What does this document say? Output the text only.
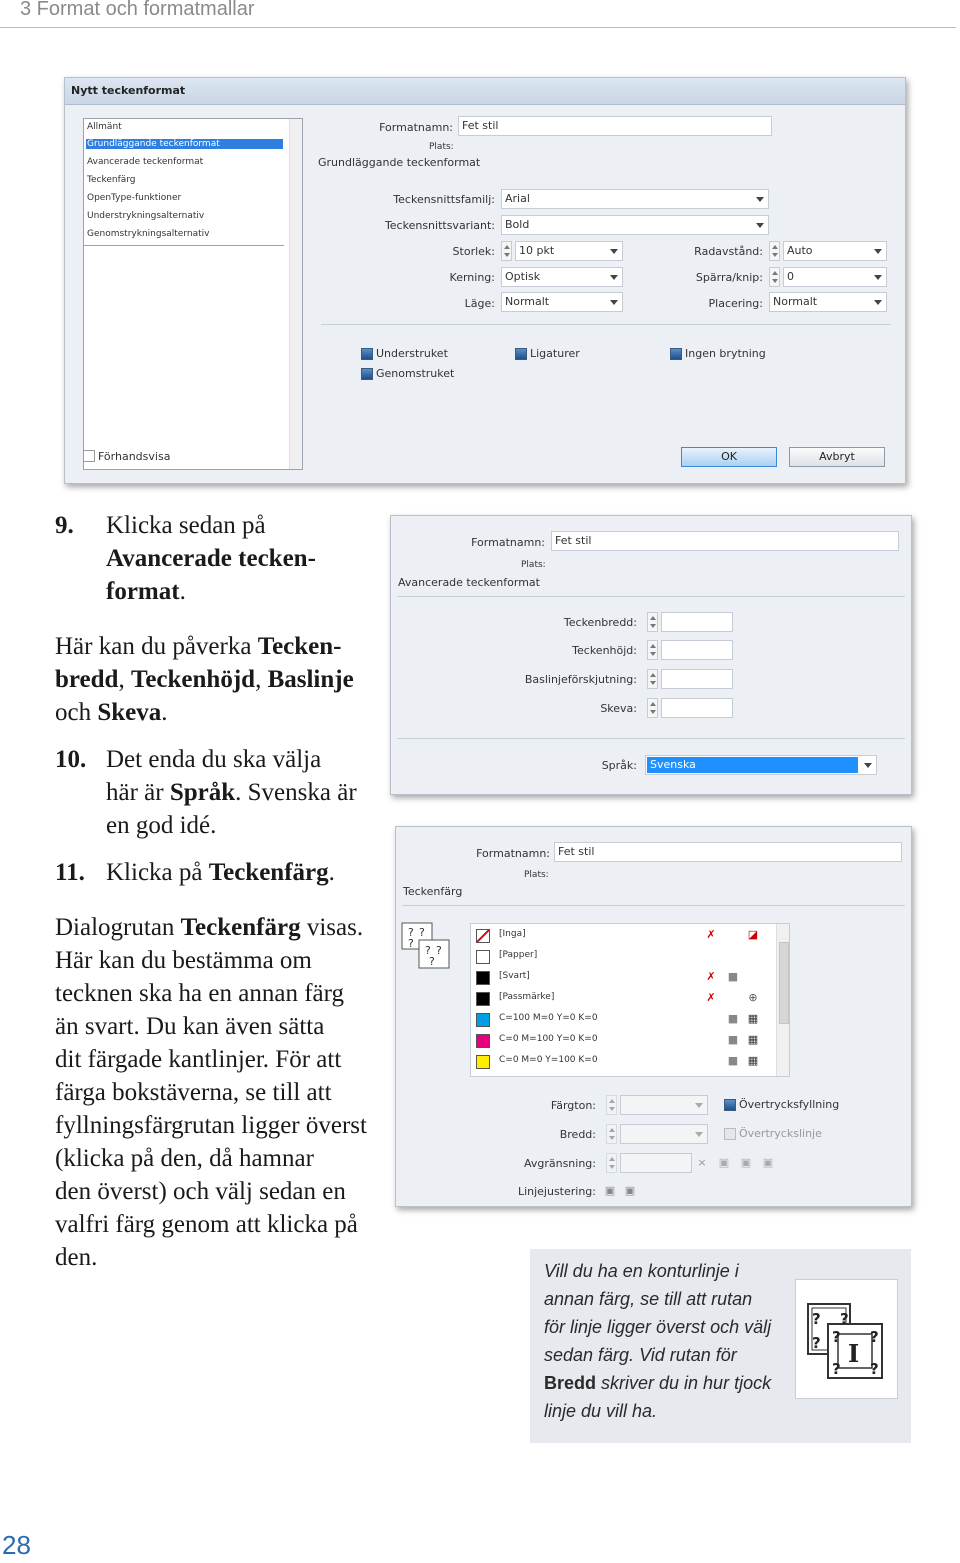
3 Format och formatmallar
Nytt teckenformat
Allmänt
Grundläggande teckenformat
Avancerade teckenformat
Teckenfärg
OpenType-funktioner
Understrykningsalternativ
Genomstrykningsalternativ
Formatnamn: Fet stil
Plats:
Grundläggande teckenformat
Teckensnittsfamilj: Arial
Teckensnittsvariant: Bold
Storlek:	10 pkt
Kerning: Optisk
Läge: Normalt
Radavstånd:	Auto
Spärra/knip:	0
Placering: Normalt
Understruket
Genomstruket
Ligaturer	Ingen brytning
Förhandsvisa	OK	Avbryt
9. Klicka sedan på
Avancerade tecken-
format.
Här kan du påverka Tecken-
bredd, Teckenhöjd, Baslinje
och Skeva.
10. Det enda du ska välja
här är Språk. Svenska är
en god idé.
11. Klicka på Teckenfärg.
Dialogrutan Teckenfärg visas.
Här kan du bestämma om
tecknen ska ha en annan färg
än svart. Du kan även sätta
dit färgade kantlinjer. För att
färga bokstäverna, se till att
fyllningsfärgrutan ligger överst
(klicka på den, då hamnar
den överst) och välj sedan en
valfri färg genom att klicka på
den.
Formatnamn: Fet stil
Plats:
Avancerade teckenformat
Teckenbredd:
Teckenhöjd:
Baslinjeförskjutning:
Skeva:
Språk: Svenska
Formatnamn: Fet stil
Plats:
Teckenfärg
? ?
?
? ?
?
[Inga]	✗	◪
[Papper]
[Svart]	✗ ■
[Passmärke]	✗	⊕
C=100 M=0 Y=0 K=0	■ ▦
C=0 M=100 Y=0 K=0	■ ▦
C=0 M=0 Y=100 K=0	■ ▦
Färgton:	Övertrycksfyllning
Bredd:	Övertryckslinje
Avgränsning:	× ▣ ▣ ▣
Linjejustering: ▣ ▣
Vill du ha en konturlinje i
annan färg, se till att rutan
för linje ligger överst och välj
sedan färg. Vid rutan för
Bredd skriver du in hur tjock
linje du vill ha.
? ?
? ? ?
? ?
I
28
